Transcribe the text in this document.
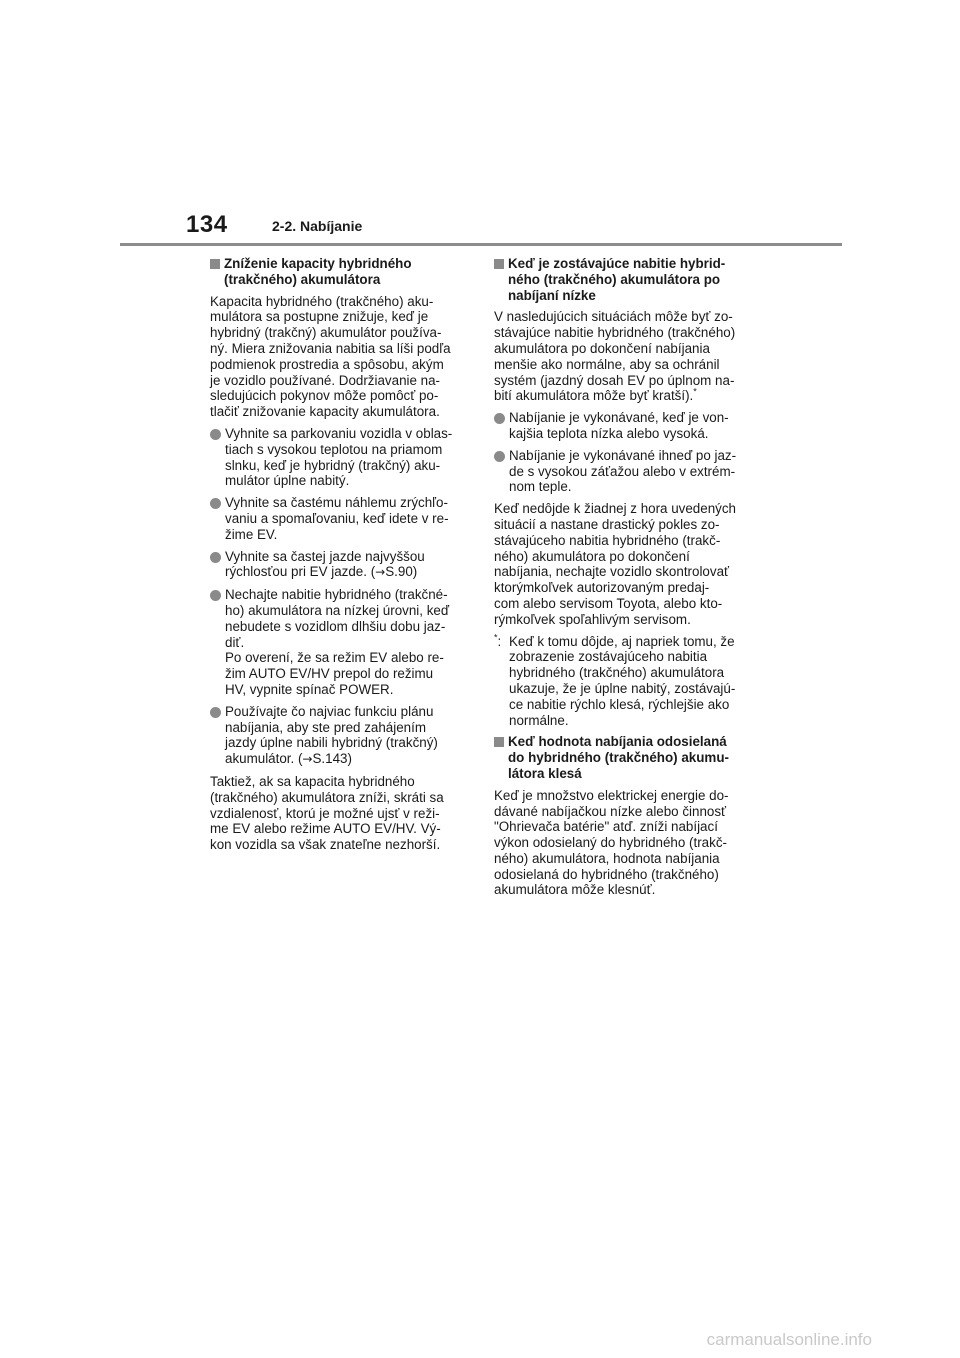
134	2-2. Nabíjanie
Zníženie kapacity hybridného
(trakčného) akumulátora
Kapacita hybridného (trakčného) aku-
mulátora sa postupne znižuje, keď je
hybridný (trakčný) akumulátor používa-
ný. Miera znižovania nabitia sa líši podľa
podmienok prostredia a spôsobu, akým
je vozidlo používané. Dodržiavanie na-
sledujúcich pokynov môže pomôcť po-
tlačiť znižovanie kapacity akumulátora.
Vyhnite sa parkovaniu vozidla v oblas-
tiach s vysokou teplotou na priamom
slnku, keď je hybridný (trakčný) aku-
mulátor úplne nabitý.
Vyhnite sa častému náhlemu zrýchľo-
vaniu a spomaľovaniu, keď idete v re-
žime EV.
Vyhnite sa častej jazde najvyššou
rýchlosťou pri EV jazde. (→S.90)
Nechajte nabitie hybridného (trakčné-
ho) akumulátora na nízkej úrovni, keď
nebudete s vozidlom dlhšiu dobu jaz-
diť.
Po overení, že sa režim EV alebo re-
žim AUTO EV/HV prepol do režimu
HV, vypnite spínač POWER.
Používajte čo najviac funkciu plánu
nabíjania, aby ste pred zahájením
jazdy úplne nabili hybridný (trakčný)
akumulátor. (→S.143)
Taktiež, ak sa kapacita hybridného
(trakčného) akumulátora zníži, skráti sa
vzdialenosť, ktorú je možné ujsť v reži-
me EV alebo režime AUTO EV/HV. Vý-
kon vozidla sa však znateľne nezhorší.
Keď je zostávajúce nabitie hybrid-
ného (trakčného) akumulátora po
nabíjaní nízke
V nasledujúcich situáciách môže byť zo-
stávajúce nabitie hybridného (trakčného)
akumulátora po dokončení nabíjania
menšie ako normálne, aby sa ochránil
systém (jazdný dosah EV po úplnom na-
bití akumulátora môže byť kratší).*
Nabíjanie je vykonávané, keď je von-
kajšia teplota nízka alebo vysoká.
Nabíjanie je vykonávané ihneď po jaz-
de s vysokou záťažou alebo v extrém-
nom teple.
Keď nedôjde k žiadnej z hora uvedených
situácií a nastane drastický pokles zo-
stávajúceho nabitia hybridného (trakč-
ného) akumulátora po dokončení
nabíjania, nechajte vozidlo skontrolovať
ktorýmkoľvek autorizovaným predaj-
com alebo servisom Toyota, alebo kto-
rýmkoľvek spoľahlivým servisom.
*: Keď k tomu dôjde, aj napriek tomu, že
zobrazenie zostávajúceho nabitia
hybridného (trakčného) akumulátora
ukazuje, že je úplne nabitý, zostávajú-
ce nabitie rýchlo klesá, rýchlejšie ako
normálne.
Keď hodnota nabíjania odosielaná
do hybridného (trakčného) akumu-
látora klesá
Keď je množstvo elektrickej energie do-
dávané nabíjačkou nízke alebo činnosť
"Ohrievača batérie" atď. zníži nabíjací
výkon odosielaný do hybridného (trakč-
ného) akumulátora, hodnota nabíjania
odosielaná do hybridného (trakčného)
akumulátora môže klesnúť.
carmanualsonline.info
